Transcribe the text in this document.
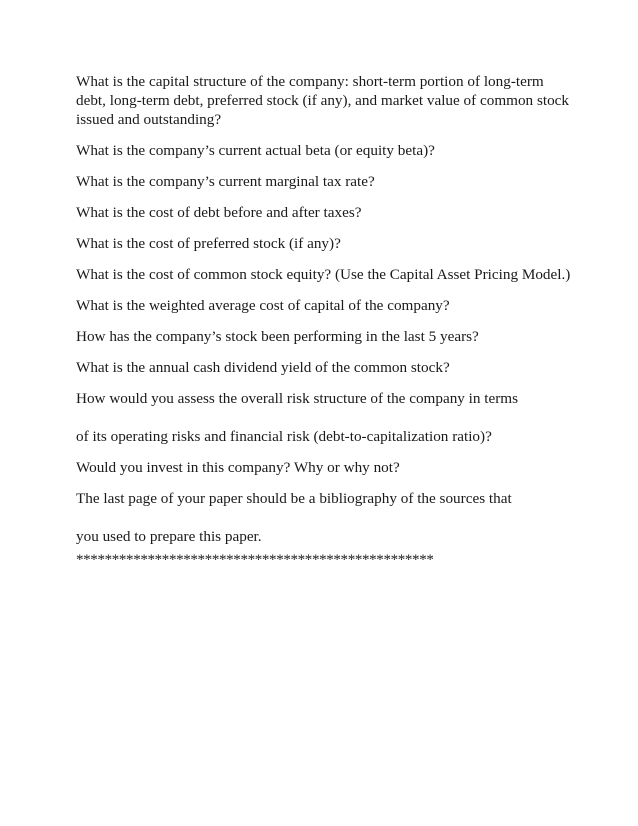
What is the capital structure of the company: short-term portion of long-term debt, long-term debt, preferred stock (if any), and market value of common stock issued and outstanding?

What is the company’s current actual beta (or equity beta)?

What is the company’s current marginal tax rate?

What is the cost of debt before and after taxes?

What is the cost of preferred stock (if any)?

What is the cost of common stock equity? (Use the Capital Asset Pricing Model.)

What is the weighted average cost of capital of the company?

How has the company’s stock been performing in the last 5 years?

What is the annual cash dividend yield of the common stock?

How would you assess the overall risk structure of the company in terms

of its operating risks and financial risk (debt-to-capitalization ratio)?

Would you invest in this company? Why or why not?

The last page of your paper should be a bibliography of the sources that

you used to prepare this paper.

**************************************************
